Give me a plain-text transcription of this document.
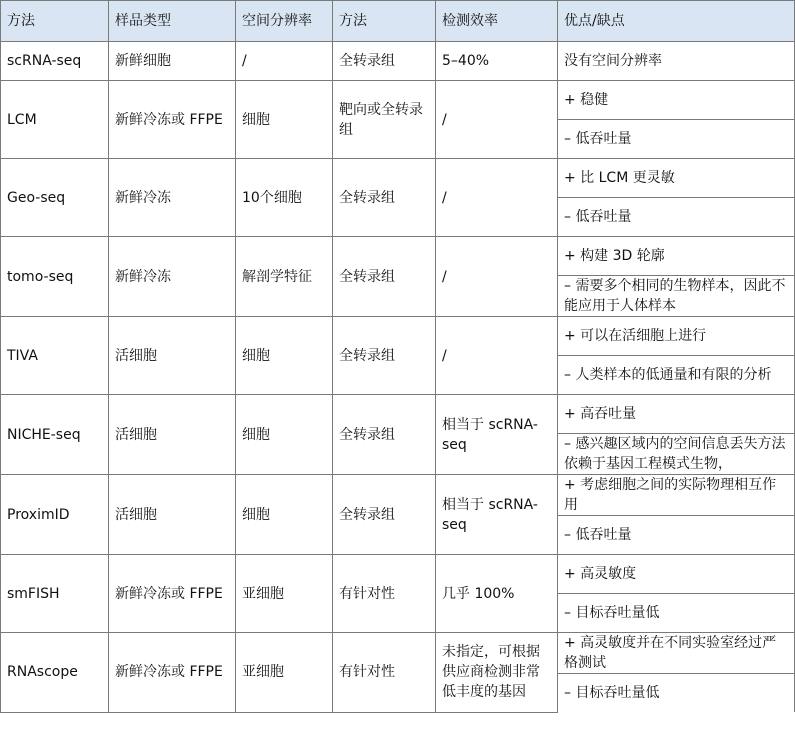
方法	样品类型	空间分辨率	方法	检测效率	优点/缺点
scRNA-seq	新鲜细胞	/	全转录组	5–40%	没有空间分辨率
LCM	新鲜冷冻或 FFPE	细胞	靶向或全转录组	/	+ 稳健
					– 低吞吐量
Geo-seq	新鲜冷冻	10个细胞	全转录组	/	+ 比 LCM 更灵敏
					– 低吞吐量
tomo-seq	新鲜冷冻	解剖学特征	全转录组	/	+ 构建 3D 轮廓
					– 需要多个相同的生物样本，因此不能应用于人体样本
TIVA	活细胞	细胞	全转录组	/	+ 可以在活细胞上进行
					– 人类样本的低通量和有限的分析
NICHE-seq	活细胞	细胞	全转录组	相当于 scRNA-seq	+ 高吞吐量
					– 感兴趣区域内的空间信息丢失方法依赖于基因工程模式生物，
ProximID	活细胞	细胞	全转录组	相当于 scRNA-seq	+ 考虑细胞之间的实际物理相互作用
					– 低吞吐量
smFISH	新鲜冷冻或 FFPE	亚细胞	有针对性	几乎 100%	+ 高灵敏度
					– 目标吞吐量低
RNAscope	新鲜冷冻或 FFPE	亚细胞	有针对性	未指定，可根据供应商检测非常低丰度的基因	+ 高灵敏度并在不同实验室经过严格测试
					– 目标吞吐量低
